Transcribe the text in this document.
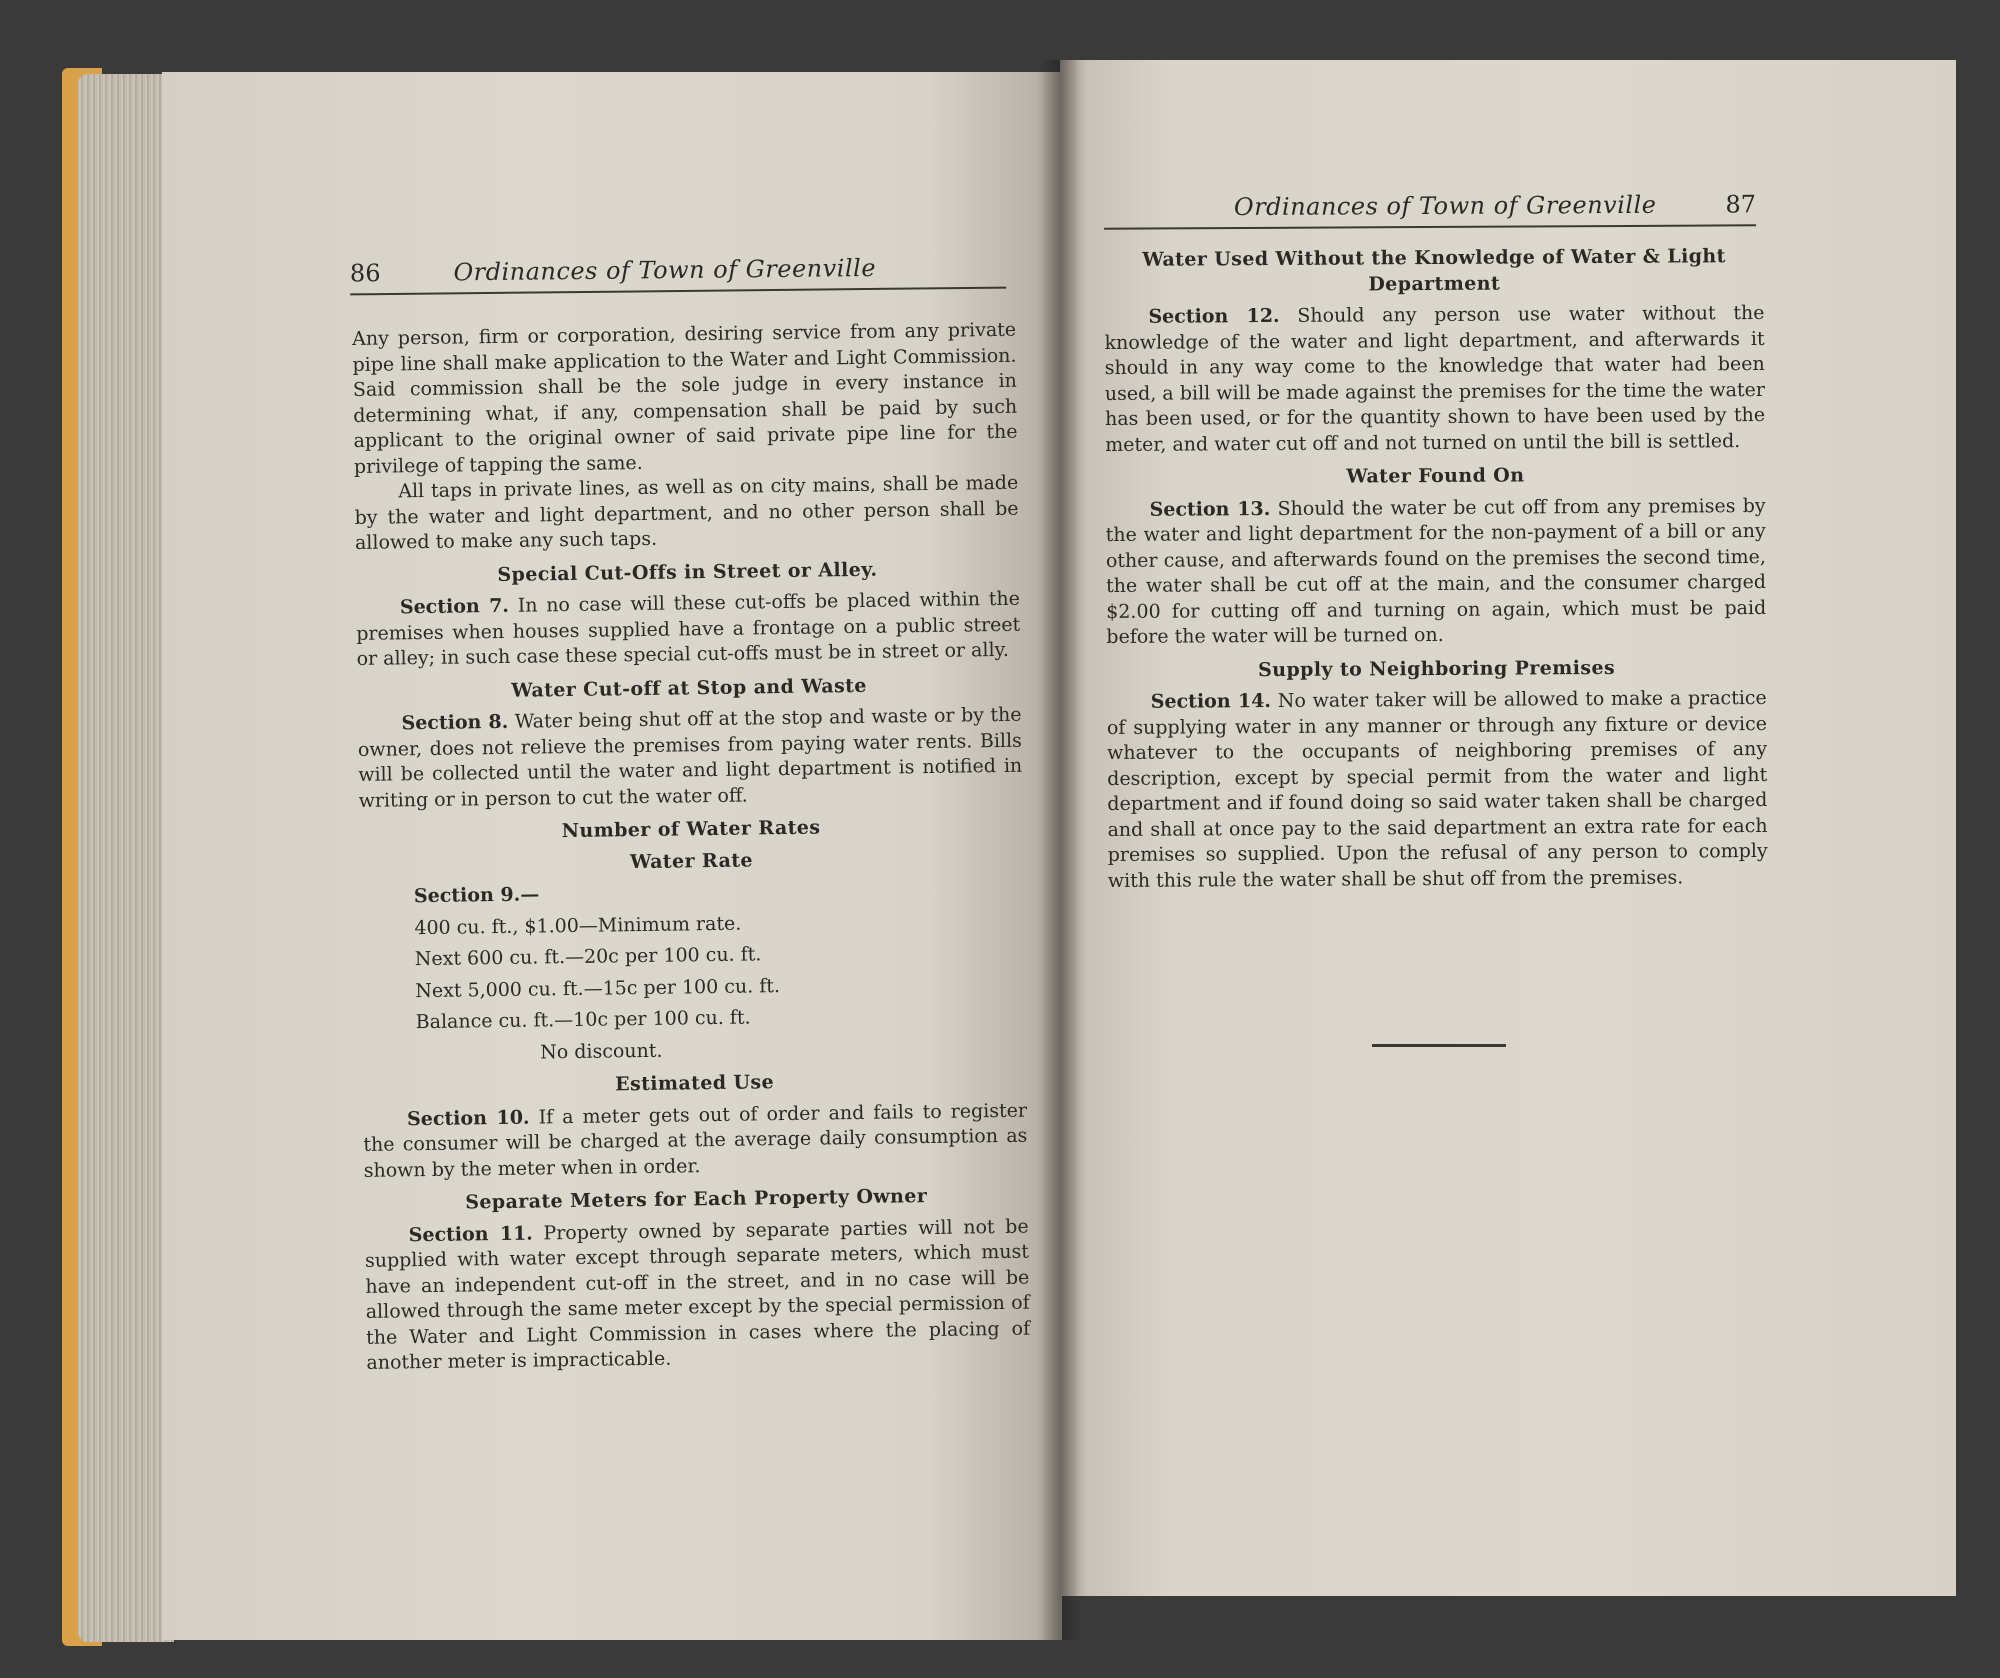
86	Ordinances of Town of Greenville

Any person, firm or corporation, desiring service from any private pipe line shall make application to the Water and Light Commission. Said commission shall be the sole judge in every instance in determining what, if any, compensation shall be paid by such applicant to the original owner of said private pipe line for the privilege of tapping the same.

All taps in private lines, as well as on city mains, shall be made by the water and light department, and no other person shall be allowed to make any such taps.

Special Cut-Offs in Street or Alley.

Section 7. In no case will these cut-offs be placed within the premises when houses supplied have a frontage on a public street or alley; in such case these special cut-offs must be in street or ally.

Water Cut-off at Stop and Waste

Section 8. Water being shut off at the stop and waste or by the owner, does not relieve the premises from paying water rents. Bills will be collected until the water and light department is notified in writing or in person to cut the water off.

Number of Water Rates
Water Rate
Section 9.—
400 cu. ft., $1.00—Minimum rate.
Next 600 cu. ft.—20c per 100 cu. ft.
Next 5,000 cu. ft.—15c per 100 cu. ft.
Balance cu. ft.—10c per 100 cu. ft.
No discount.
Estimated Use

Section 10. If a meter gets out of order and fails to register the consumer will be charged at the average daily consumption as shown by the meter when in order.

Separate Meters for Each Property Owner

Section 11. Property owned by separate parties will not be supplied with water except through separate meters, which must have an independent cut-off in the street, and in no case will be allowed through the same meter except by the special permission of the Water and Light Commission in cases where the placing of another meter is impracticable.

Ordinances of Town of Greenville	87
Water Used Without the Knowledge of Water & Light Department

Section 12. Should any person use water without the knowledge of the water and light department, and afterwards it should in any way come to the knowledge that water had been used, a bill will be made against the premises for the time the water has been used, or for the quantity shown to have been used by the meter, and water cut off and not turned on until the bill is settled.

Water Found On

Section 13. Should the water be cut off from any premises by the water and light department for the non-payment of a bill or any other cause, and afterwards found on the premises the second time, the water shall be cut off at the main, and the consumer charged $2.00 for cutting off and turning on again, which must be paid before the water will be turned on.

Supply to Neighboring Premises

Section 14. No water taker will be allowed to make a practice of supplying water in any manner or through any fixture or device whatever to the occupants of neighboring premises of any description, except by special permit from the water and light department and if found doing so said water taken shall be charged and shall at once pay to the said department an extra rate for each premises so supplied. Upon the refusal of any person to comply with this rule the water shall be shut off from the premises.
